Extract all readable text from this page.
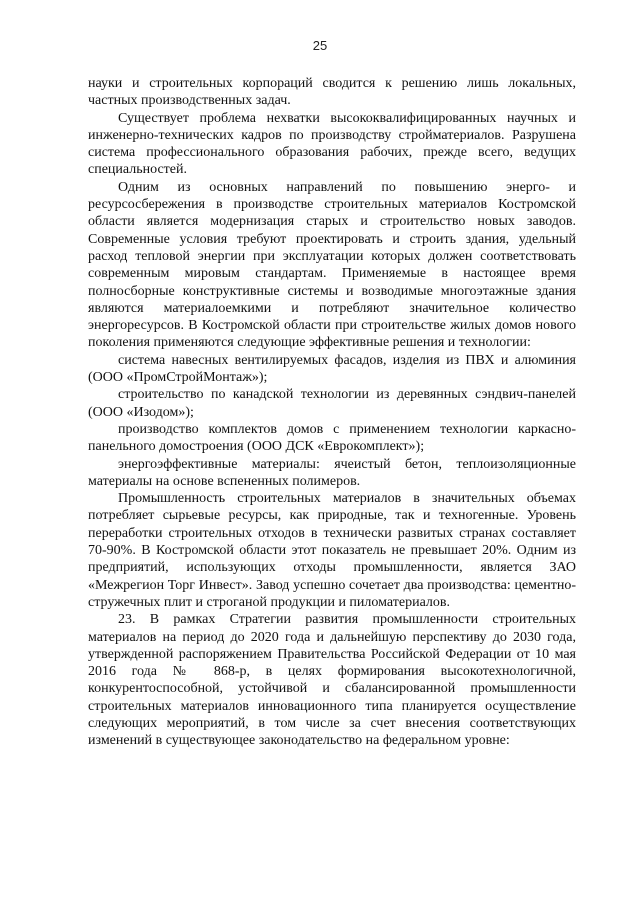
25

науки и строительных корпораций сводится к решению лишь локальных, частных производственных задач.

Существует проблема нехватки высококвалифицированных научных и инженерно-технических кадров по производству стройматериалов. Разрушена система профессионального образования рабочих, прежде всего, ведущих специальностей.

Одним из основных направлений по повышению энерго- и ресурсосбережения в производстве строительных материалов Костромской области является модернизация старых и строительство новых заводов. Современные условия требуют проектировать и строить здания, удельный расход тепловой энергии при эксплуатации которых должен соответствовать современным мировым стандартам. Применяемые в настоящее время полносборные конструктивные системы и возводимые многоэтажные здания являются материалоемкими и потребляют значительное количество энергоресурсов. В Костромской области при строительстве жилых домов нового поколения применяются следующие эффективные решения и технологии:

система навесных вентилируемых фасадов, изделия из ПВХ и алюминия (ООО «ПромСтройМонтаж»);

строительство по канадской технологии из деревянных сэндвич-панелей (ООО «Изодом»);

производство комплектов домов с применением технологии каркасно-панельного домостроения (ООО ДСК «Еврокомплект»);

энергоэффективные материалы: ячеистый бетон, теплоизоляционные материалы на основе вспененных полимеров.

Промышленность строительных материалов в значительных объемах потребляет сырьевые ресурсы, как природные, так и техногенные. Уровень переработки строительных отходов в технически развитых странах составляет 70-90%. В Костромской области этот показатель не превышает 20%. Одним из предприятий, использующих отходы промышленности, является ЗАО «Межрегион Торг Инвест». Завод успешно сочетает два производства: цементно-стружечных плит и строганой продукции и пиломатериалов.

23. В рамках Стратегии развития промышленности строительных материалов на период до 2020 года и дальнейшую перспективу до 2030 года, утвержденной распоряжением Правительства Российской Федерации от 10 мая 2016 года № 868-р, в целях формирования высокотехнологичной, конкурентоспособной, устойчивой и сбалансированной промышленности строительных материалов инновационного типа планируется осуществление следующих мероприятий, в том числе за счет внесения соответствующих изменений в существующее законодательство на федеральном уровне:
